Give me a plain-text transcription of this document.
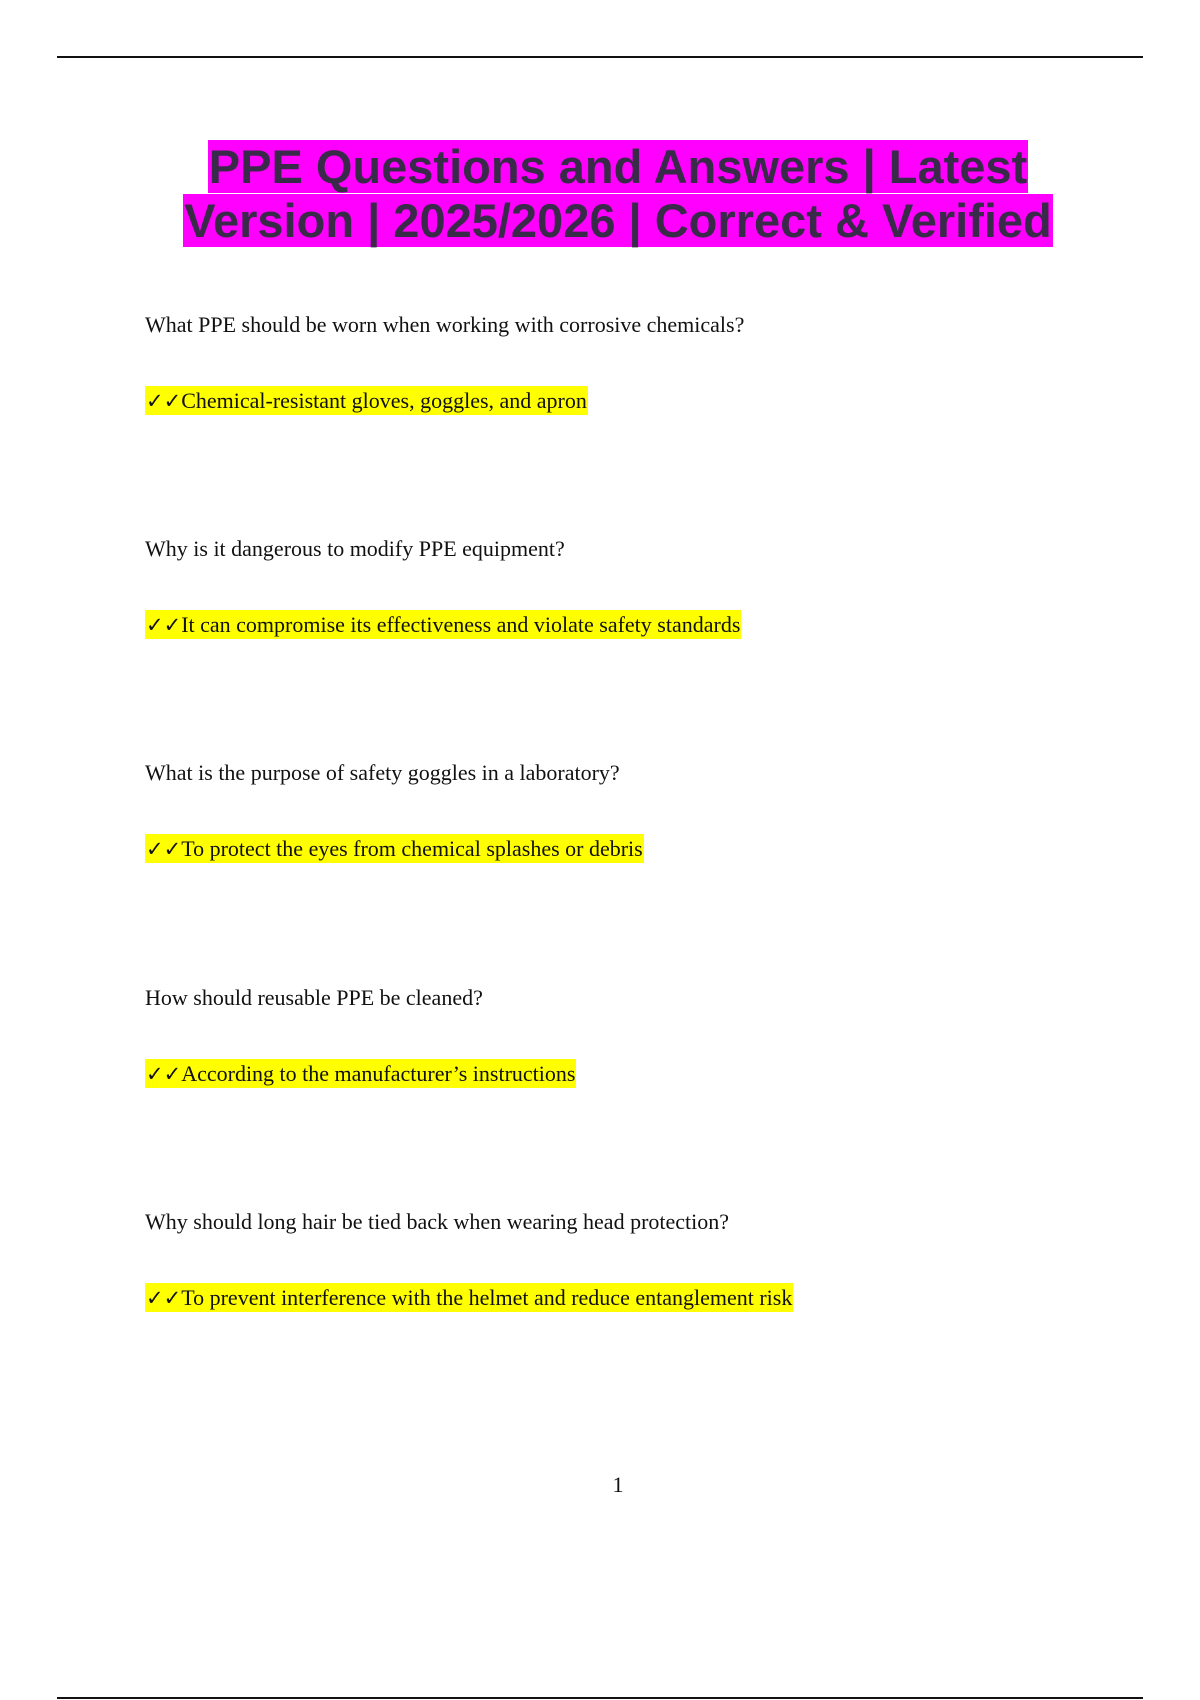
PPE Questions and Answers | Latest
Version | 2025/2026 | Correct & Verified
What PPE should be worn when working with corrosive chemicals?
✓✓Chemical-resistant gloves, goggles, and apron
Why is it dangerous to modify PPE equipment?
✓✓It can compromise its effectiveness and violate safety standards
What is the purpose of safety goggles in a laboratory?
✓✓To protect the eyes from chemical splashes or debris
How should reusable PPE be cleaned?
✓✓According to the manufacturer’s instructions
Why should long hair be tied back when wearing head protection?
✓✓To prevent interference with the helmet and reduce entanglement risk
1
